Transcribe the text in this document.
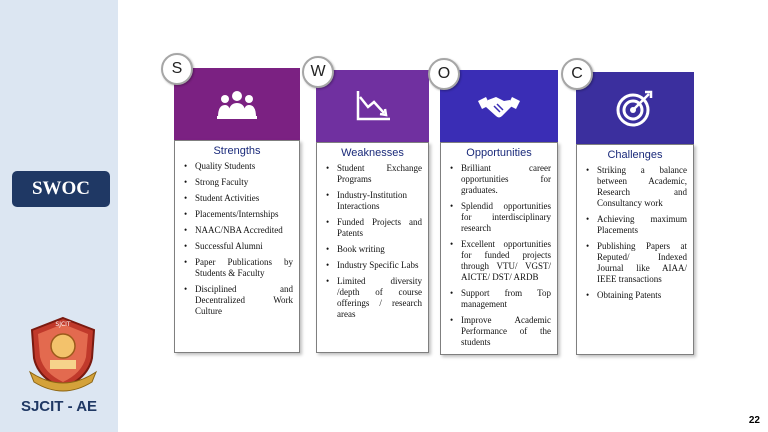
SWOC
SJCIT
SJCIT - AE
Strengths
• Quality Students
• Strong Faculty
• Student Activities
• Placements/Internships
• NAAC/NBA Accredited
• Successful Alumni
• Paper Publications by Students & Faculty
• Disciplined and Decentralized Work Culture
S
Weaknesses
• Student Exchange Programs
• Industry-Institution Interactions
• Funded Projects and Patents
• Book writing
• Industry Specific Labs
• Limited diversity /depth of course offerings / research areas
W
Opportunities
• Brilliant career opportunities for graduates.
• Splendid opportunities for interdisciplinary research
• Excellent opportunities for funded projects through VTU/ VGST/ AICTE/ DST/ ARDB
• Support from Top management
• Improve Academic Performance of the students
O
Challenges
• Striking a balance between Academic, Research and Consultancy work
• Achieving maximum Placements
• Publishing Papers at Reputed/ Indexed Journal like AIAA/ IEEE transactions
• Obtaining Patents
C
22
